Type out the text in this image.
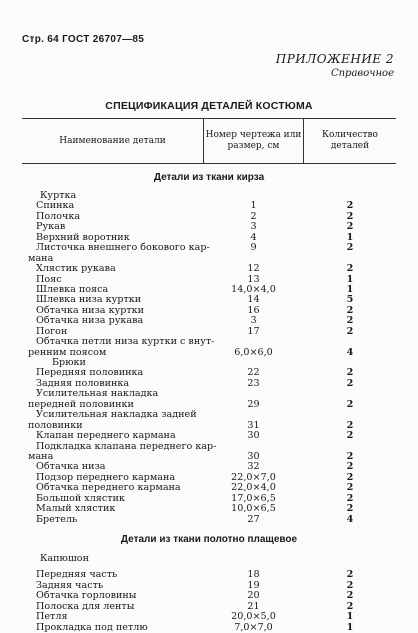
Стр. 64 ГОСТ 26707—85
ПРИЛОЖЕНИЕ 2
Справочное
СПЕЦИФИКАЦИЯ ДЕТАЛЕЙ КОСТЮМА
Наименование детали
Номер чертежа или размер, см
Количество деталей
Детали из ткани кирза
Куртка
Спинка	1	2
Полочка	2	2
Рукав	3	2
Верхний воротник	4	1
Листочка внешнего бокового кар-	9	2
мана
Хлястик рукава	12	2
Пояс	13	1
Шлевка пояса	14,0×4,0	1
Шлевка низа куртки	14	5
Обтачка низа куртки	16	2
Обтачка низа рукава	3	2
Погон	17	2
Обтачка петли низа куртки с внут-
ренним поясом	6,0×6,0	4
Брюки
Передняя половинка	22	2
Задняя половинка	23	2
Усилительная накладка
передней половинки	29	2
Усилительная накладка задней
половинки	31	2
Клапан переднего кармана	30	2
Подкладка клапана переднего кар-
мана	30	2
Обтачка низа	32	2
Подзор переднего кармана	22,0×7,0	2
Обтачка переднего кармана	22,0×4,0	2
Большой хлястик	17,0×6,5	2
Малый хлястик	10,0×6,5	2
Бретель	27	4
Детали из ткани полотно плащевое
Капюшон
Передняя часть	18	2
Задняя часть	19	2
Обтачка горловины	20	2
Полоска для ленты	21	2
Петля	20,0×5,0	1
Прокладка под петлю	7,0×7,0	1
